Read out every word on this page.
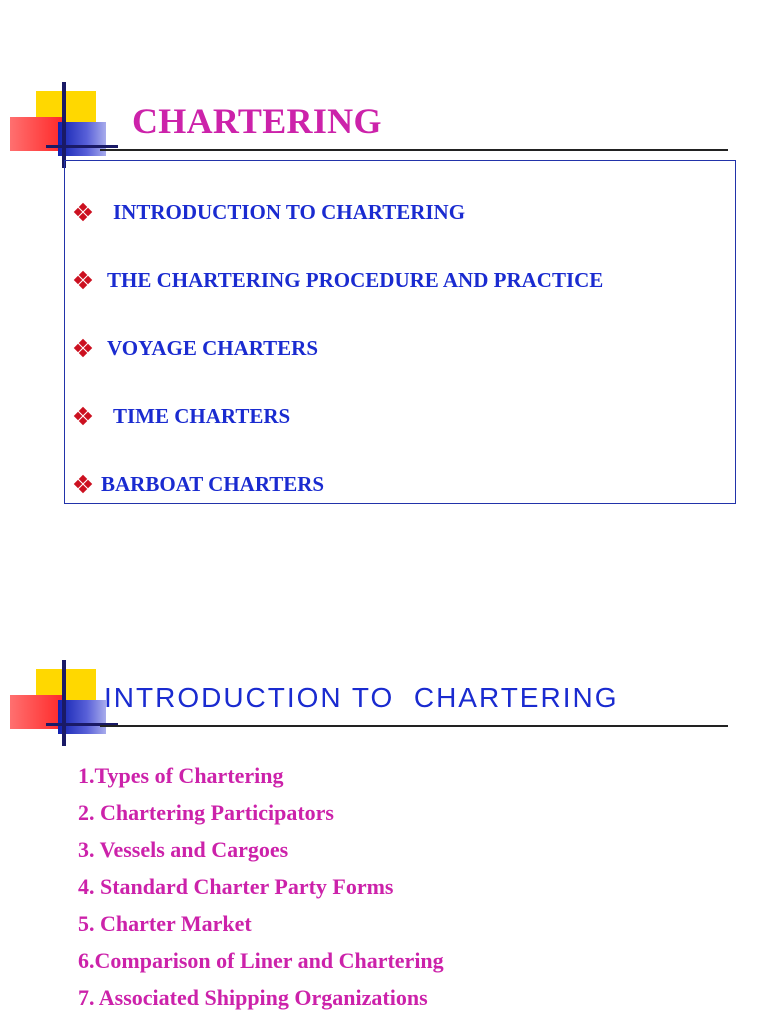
CHARTERING
INTRODUCTION TO CHARTERING
THE CHARTERING PROCEDURE AND PRACTICE
VOYAGE CHARTERS
TIME CHARTERS
BARBOAT CHARTERS
INTRODUCTION TO  CHARTERING
1.Types of Chartering
2. Chartering Participators
3. Vessels and Cargoes
4. Standard Charter Party Forms
5. Charter Market
6.Comparison of Liner and Chartering
7. Associated Shipping Organizations
